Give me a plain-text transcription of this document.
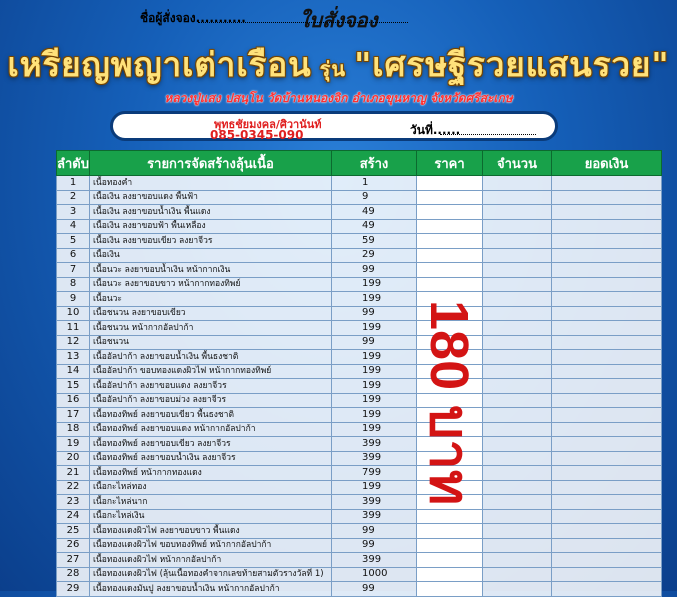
ใบสั่งจอง
เหรียญพญาเต่าเรือน รุ่น "เศรษฐีรวยแสนรวย"
หลวงปู่แสง ปสนฺโน วัดบ้านหนองจิก อำเภอขุนหาญ จังหวัดศรีสะเกษ
ชื่อผู้สั่งจอง...........
พุทธชัยมงคล/ศิวานันท์
085-0345-090	วันที่......
ลำดับ	รายการจัดสร้างลุ้นเนื้อ	สร้าง	ราคา	จำนวน	ยอดเงิน
1	เนื้อทองคำ	1			
2	เนื้อเงิน ลงยาขอบแดง พื้นฟ้า	9			
3	เนื้อเงิน ลงยาขอบน้ำเงิน พื้นแดง	49			
4	เนื้อเงิน ลงยาขอบฟ้า พื้นเหลือง	49			
5	เนื้อเงิน ลงยาขอบเขียว ลงยาจีวร	59			
6	เนื้อเงิน	29			
7	เนื้อนวะ ลงยาขอบน้ำเงิน หน้ากากเงิน	99			
8	เนื้อนวะ ลงยาขอบขาว หน้ากากทองทิพย์	199			
9	เนื้อนวะ	199			
10	เนื้อชนวน ลงยาขอบเขียว	99			
11	เนื้อชนวน หน้ากากอัลปาก้า	199			
12	เนื้อชนวน	99			
13	เนื้ออัลปาก้า ลงยาขอบน้ำเงิน พื้นธงชาติ	199			
14	เนื้ออัลปาก้า ขอบทองแดงผิวไฟ หน้ากากทองทิพย์	199			
15	เนื้ออัลปาก้า ลงยาขอบแดง ลงยาจีวร	199			
16	เนื้ออัลปาก้า ลงยาขอบม่วง ลงยาจีวร	199			
17	เนื้อทองทิพย์ ลงยาขอบเขียว พื้นธงชาติ	199			
18	เนื้อทองทิพย์ ลงยาขอบแดง หน้ากากอัลปาก้า	199			
19	เนื้อทองทิพย์ ลงยาขอบเขียว ลงยาจีวร	399			
20	เนื้อทองทิพย์ ลงยาขอบน้ำเงิน ลงยาจีวร	399			
21	เนื้อทองทิพย์ หน้ากากทองแดง	799			
22	เนื้อกะไหล่ทอง	199			
23	เนื้อกะไหล่นาก	399			
24	เนื้อกะไหล่เงิน	399			
25	เนื้อทองแดงผิวไฟ ลงยาขอบขาว พื้นแดง	99			
26	เนื้อทองแดงผิวไฟ ขอบทองทิพย์ หน้ากากอัลปาก้า	99			
27	เนื้อทองแดงผิวไฟ หน้ากากอัลปาก้า	399			
28	เนื้อทองแดงผิวไฟ (ลุ้นเนื้อทองคำจากเลขท้ายสามตัวรางวัลที่ 1)	1000			
29	เนื้อทองแดงมันปู ลงยาขอบน้ำเงิน หน้ากากอัลปาก้า	99			
180 บาท
